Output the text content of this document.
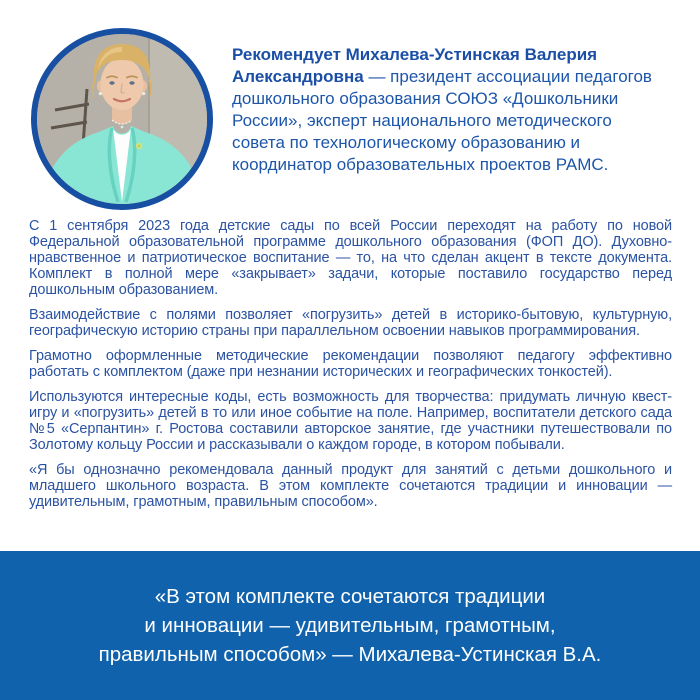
Рекомендует Михалева-Устинская Валерия Александровна — президент ассоциации педагогов дошкольного образования СОЮЗ «Дошкольники России», эксперт национального методического совета по технологическому образованию и координатор образовательных проектов РАМС.

С 1 сентября 2023 года детские сады по всей России переходят на работу по новой Федеральной образовательной программе дошкольного образования (ФОП ДО). Духовно-нравственное и патриотическое воспитание — то, на что сделан акцент в тексте документа. Комплект в полной мере «закрывает» задачи, которые поставило государство перед дошкольным образованием.

Взаимодействие с полями позволяет «погрузить» детей в историко-бытовую, культурную, географическую историю страны при параллельном освоении навыков программирования.

Грамотно оформленные методические рекомендации позволяют педагогу эффективно работать с комплектом (даже при незнании исторических и географических тонкостей).

Используются интересные коды, есть возможность для творчества: придумать личную квест-игру и «погрузить» детей в то или иное событие на поле. Например, воспитатели детского сада №5 «Серпантин» г. Ростова составили авторское занятие, где участники путешествовали по Золотому кольцу России и рассказывали о каждом городе, в котором побывали.

«Я бы однозначно рекомендовала данный продукт для занятий с детьми дошкольного и младшего школьного возраста. В этом комплекте сочетаются традиции и инновации — удивительным, грамотным, правильным способом».

«В этом комплекте сочетаются традиции
и инновации — удивительным, грамотным,
правильным способом» — Михалева-Устинская В.А.
